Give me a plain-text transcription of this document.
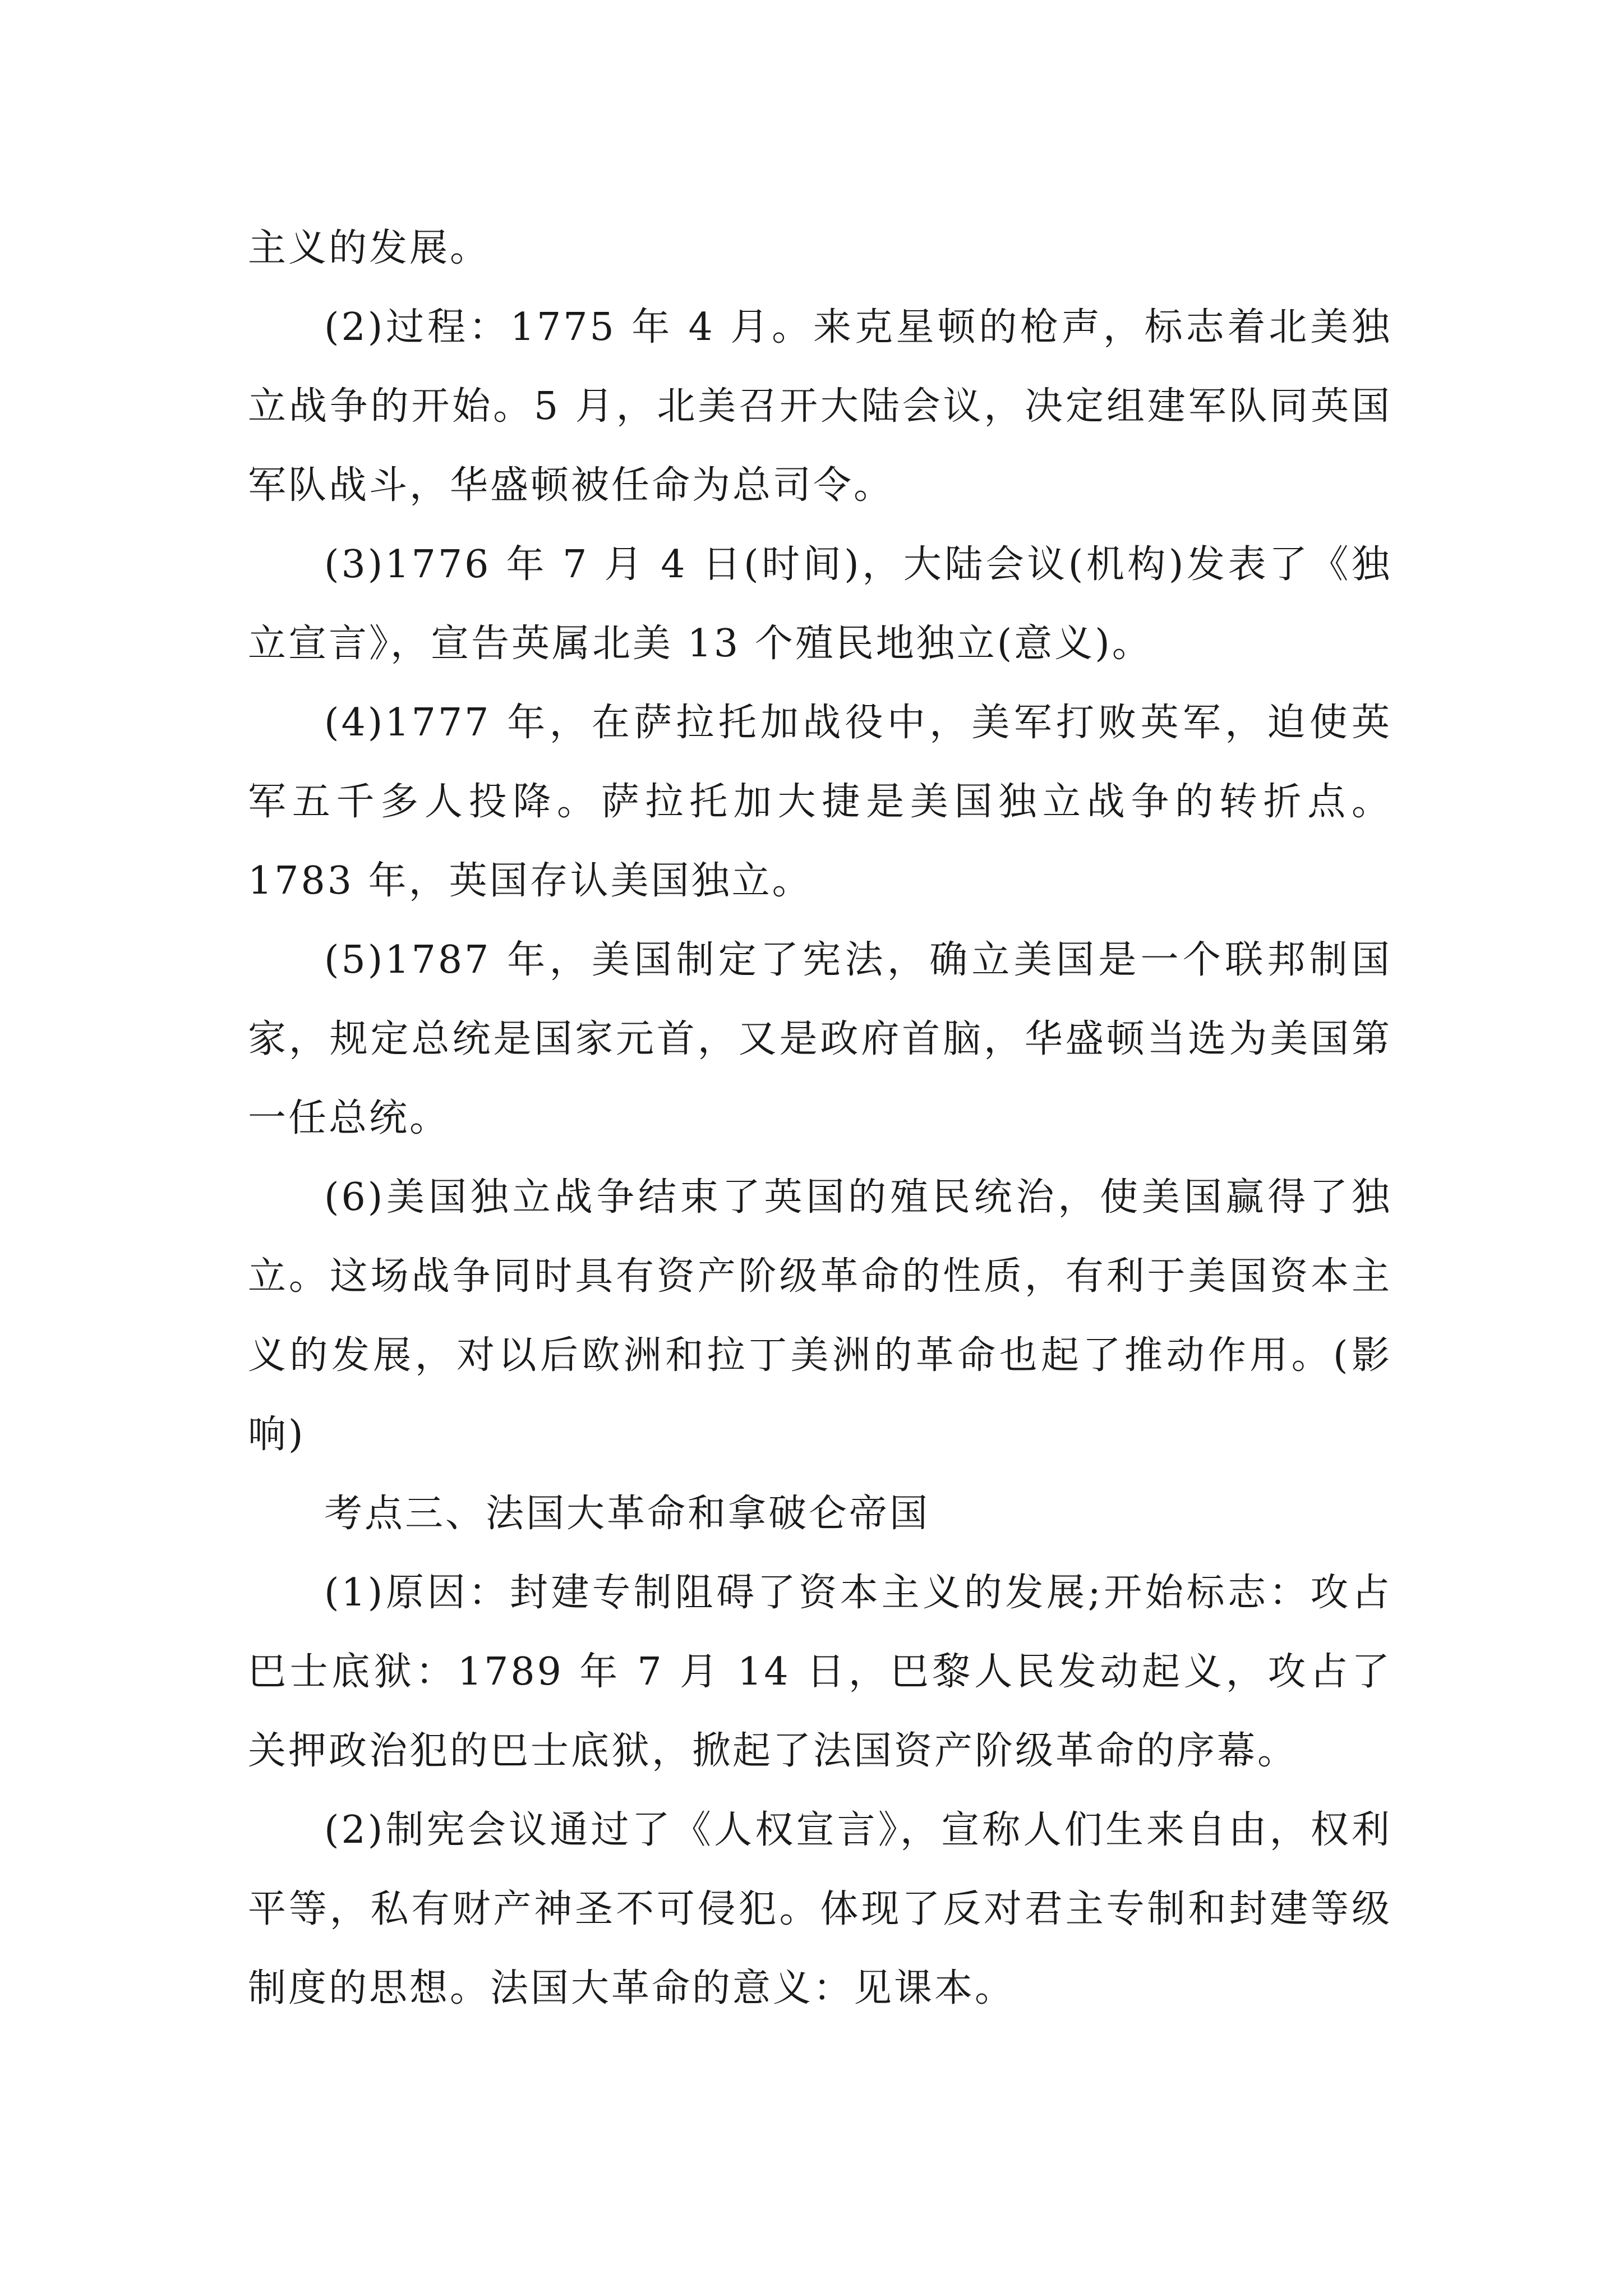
主义的发展。

(2)过程：1775 年 4 月。来克星顿的枪声，标志着北美独立战争的开始。5 月，北美召开大陆会议，决定组建军队同英国军队战斗，华盛顿被任命为总司令。

(3)1776 年 7 月 4 日(时间)，大陆会议(机构)发表了《独立宣言》，宣告英属北美 13 个殖民地独立(意义)。

(4)1777 年，在萨拉托加战役中，美军打败英军，迫使英军五千多人投降。萨拉托加大捷是美国独立战争的转折点。1783 年，英国存认美国独立。

(5)1787 年，美国制定了宪法，确立美国是一个联邦制国家，规定总统是国家元首，又是政府首脑，华盛顿当选为美国第一任总统。

(6)美国独立战争结束了英国的殖民统治，使美国赢得了独立。这场战争同时具有资产阶级革命的性质，有利于美国资本主义的发展，对以后欧洲和拉丁美洲的革命也起了推动作用。(影响)

考点三、法国大革命和拿破仑帝国

(1)原因：封建专制阻碍了资本主义的发展;开始标志：攻占巴士底狱：1789 年 7 月 14 日，巴黎人民发动起义，攻占了关押政治犯的巴士底狱，掀起了法国资产阶级革命的序幕。

(2)制宪会议通过了《人权宣言》，宣称人们生来自由，权利平等，私有财产神圣不可侵犯。体现了反对君主专制和封建等级制度的思想。法国大革命的意义：见课本。
